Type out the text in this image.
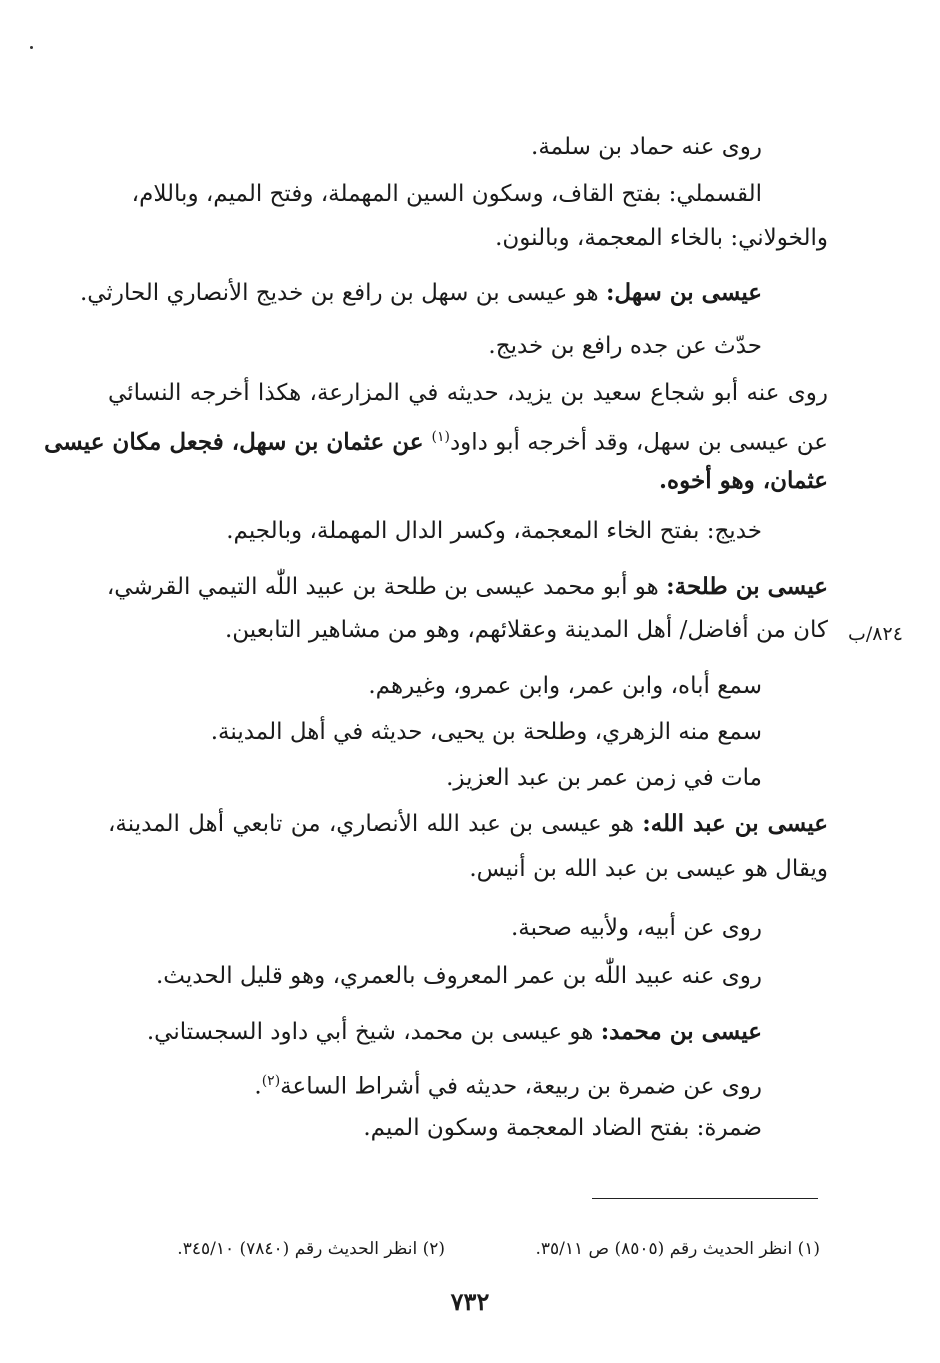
روى عنه حماد بن سلمة.
القسملي: بفتح القاف، وسكون السين المهملة، وفتح الميم، وباللام،
والخولاني: بالخاء المعجمة، وبالنون.
عيسى بن سهل: هو عيسى بن سهل بن رافع بن خديج الأنصاري الحارثي.
حدّث عن جده رافع بن خديج.
روى عنه أبو شجاع سعيد بن يزيد، حديثه في المزارعة، هكذا أخرجه النسائي
عن عيسى بن سهل، وقد أخرجه أبو داود$^{(١)}$ عن عثمان بن سهل، فجعل مكان عيسى
عثمان، وهو أخوه.
خديج: بفتح الخاء المعجمة، وكسر الدال المهملة، وبالجيم.
عيسى بن طلحة: هو أبو محمد عيسى بن طلحة بن عبيد اللّٰه التيمي القرشي،
كان من أفاضل/ أهل المدينة وعقلائهم، وهو من مشاهير التابعين. ٨٢٤/ب
سمع أباه، وابن عمر، وابن عمرو، وغيرهم.
سمع منه الزهري، وطلحة بن يحيى، حديثه في أهل المدينة.
مات في زمن عمر بن عبد العزيز.
عيسى بن عبد الله: هو عيسى بن عبد الله الأنصاري، من تابعي أهل المدينة،
ويقال هو عيسى بن عبد الله بن أنيس.
روى عن أبيه، ولأبيه صحبة.
روى عنه عبيد اللّٰه بن عمر المعروف بالعمري، وهو قليل الحديث.
عيسى بن محمد: هو عيسى بن محمد، شيخ أبي داود السجستاني.
روى عن ضمرة بن ربيعة، حديثه في أشراط الساعة$^{(٢)}$.
ضمرة: بفتح الضاد المعجمة وسكون الميم.
(١) انظر الحديث رقم (٨٥٠٥) ص ٣٥/١١.
(٢) انظر الحديث رقم (٧٨٤٠) ٣٤٥/١٠.
٧٣٢
